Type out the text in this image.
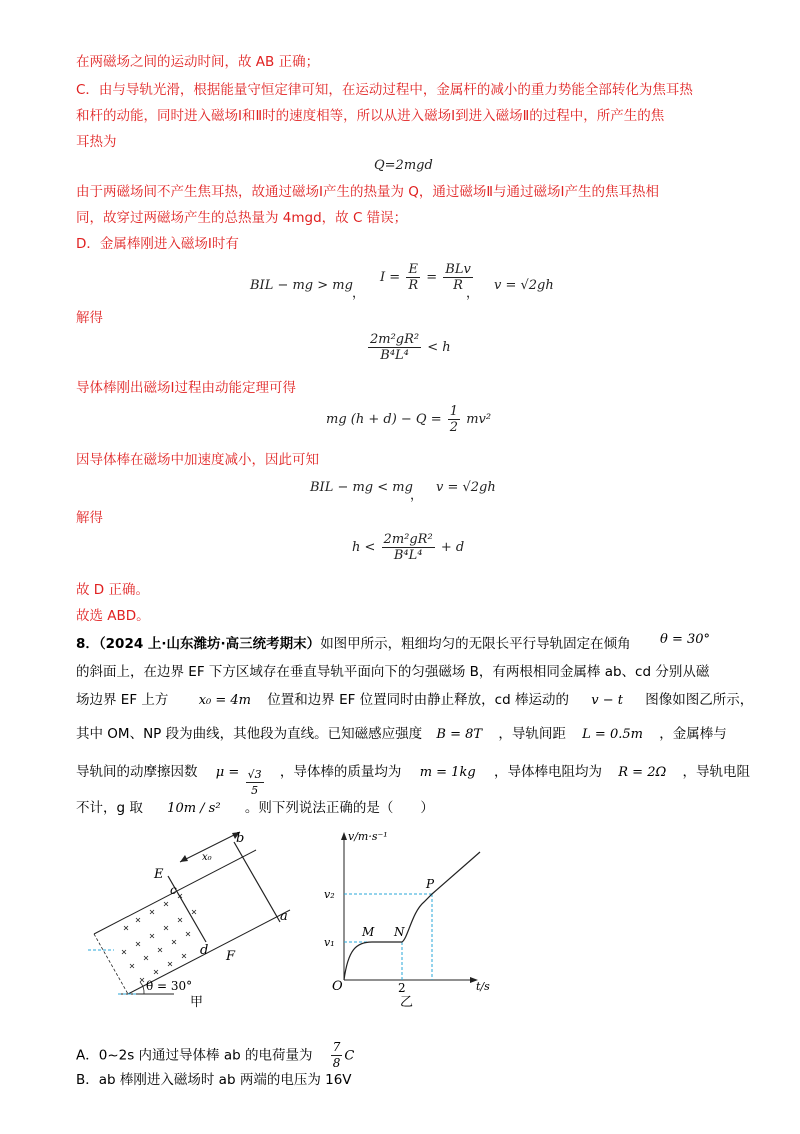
在两磁场之间的运动时间，故 AB 正确；
C．由与导轨光滑，根据能量守恒定律可知，在运动过程中，金属杆的减小的重力势能全部转化为焦耳热
和杆的动能，同时进入磁场Ⅰ和Ⅱ时的速度相等，所以从进入磁场Ⅰ到进入磁场Ⅱ的过程中，所产生的焦
耳热为
Q=2mgd
由于两磁场间不产生焦耳热，故通过磁场Ⅰ产生的热量为 Q，通过磁场Ⅱ与通过磁场Ⅰ产生的焦耳热相
同，故穿过两磁场产生的总热量为 4mgd，故 C 错误；
D．金属棒刚进入磁场Ⅰ时有
BIL − mg > mg
，
$I = \frac{E}{R} = \frac{\text{BLv}}{R}$
，
v = √2gh
解得
$\frac{\text{2m²gR²}}{\text{B⁴L⁴}} < h$
导体棒刚出磁场Ⅰ过程由动能定理可得
mg $(h + d) - Q = \frac{1}{2} mv^2$
因导体棒在磁场中加速度减小，因此可知
BIL − mg < mg
，
v = √2gh
解得
$h < \frac{\text{2m²gR²}}{\text{B⁴L⁴}} + d$
故 D 正确。
故选 ABD。
8．（2024 上·山东潍坊·高三统考期末）如图甲所示，粗细均匀的无限长平行导轨固定在倾角 θ = 30°
的斜面上，在边界 EF 下方区域存在垂直导轨平面向下的匀强磁场 B，有两根相同金属棒 ab、cd 分别从磁
场边界 EF 上方 x₀ = 4m 位置和边界 EF 位置同时由静止释放，cd 棒运动的 v − t 图像如图乙所示，
其中 OM、NP 段为曲线，其他段为直线。已知磁感应强度 B = 8T ，导轨间距 L = 0.5m ，金属棒与
导轨间的动摩擦因数 $\mu = \frac{√3}{5}$ ，导体棒的质量均为 m = 1kg ，导体棒电阻均为 R = 2Ω ，导轨电阻
不计，g 取 10m / s² 。则下列说法正确的是（　　）
b
a
x₀
E
c
d F
θ = 30°
甲
v/m·s⁻¹
t/s
O
M N
P
v₁
v₂
2
乙
A．0~2s 内通过导体棒 ab 的电荷量为 $\frac{7}{8}$ C
B．ab 棒刚进入磁场时 ab 两端的电压为 16V
